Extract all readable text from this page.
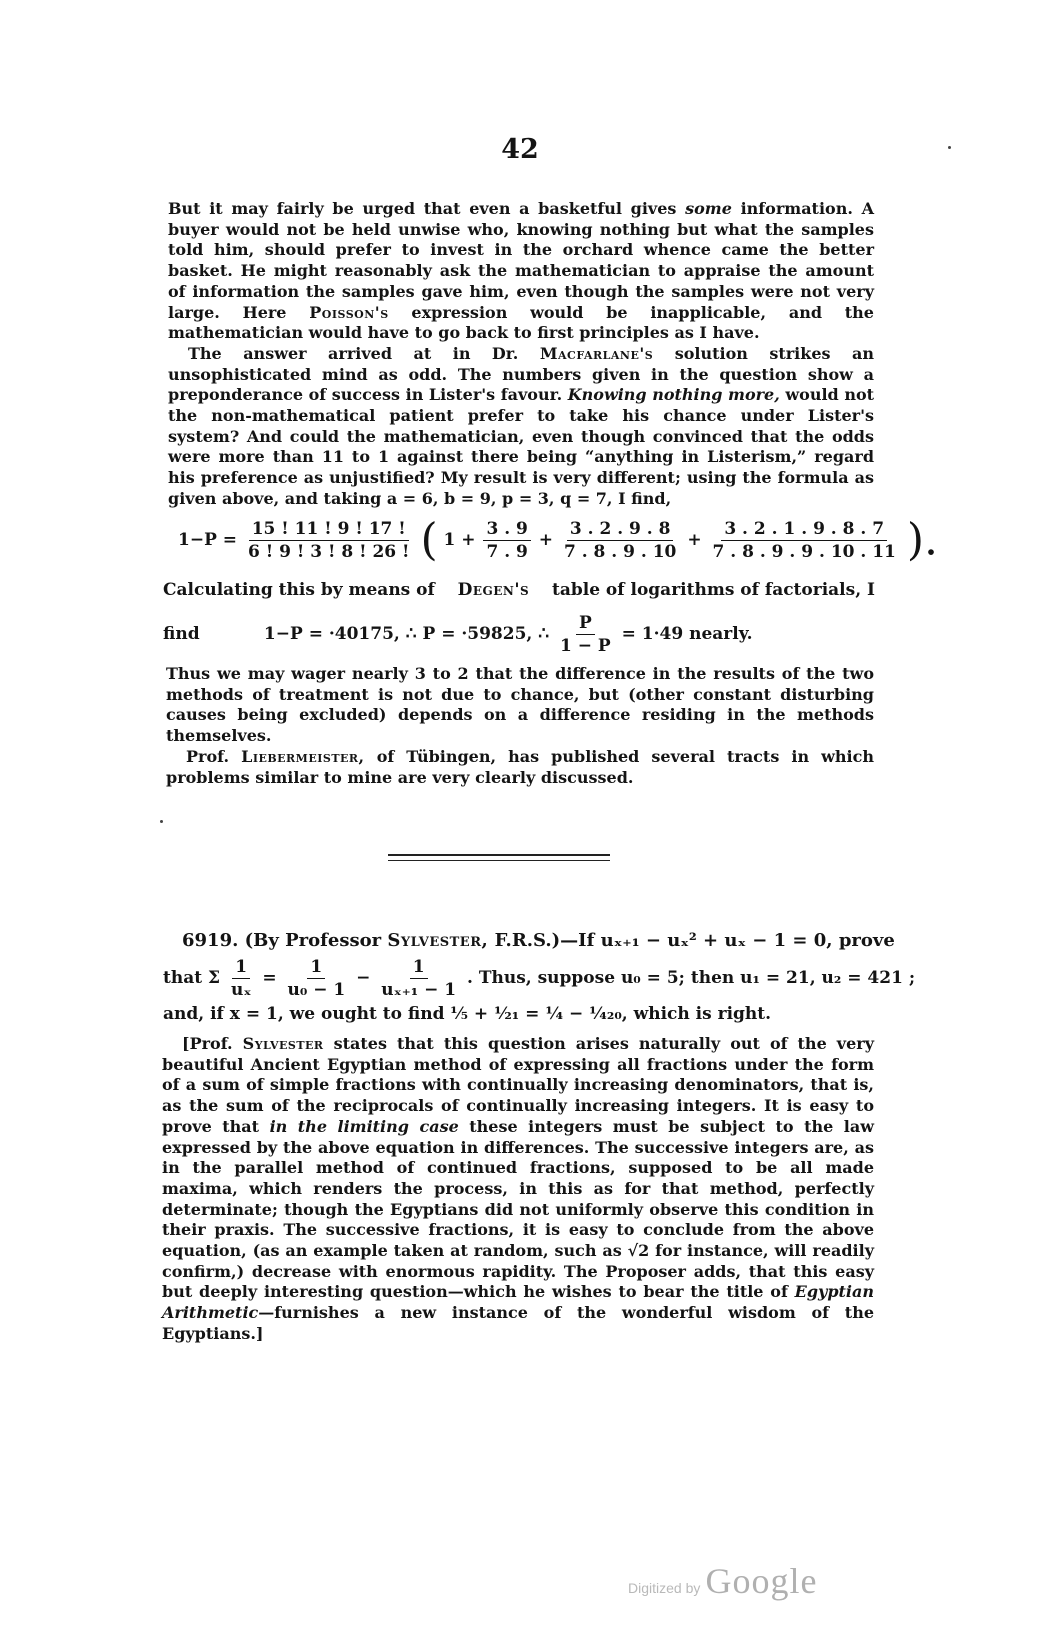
42

But it may fairly be urged that even a basketful gives some information. A buyer would not be held unwise who, knowing nothing but what the samples told him, should prefer to invest in the orchard whence came the better basket. He might reasonably ask the mathematician to appraise the amount of information the samples gave him, even though the samples were not very large. Here Poisson's expression would be inapplicable, and the mathematician would have to go back to first principles as I have.

The answer arrived at in Dr. Macfarlane's solution strikes an unsophisticated mind as odd. The numbers given in the question show a preponderance of success in Lister's favour. Knowing nothing more, would not the non-mathematical patient prefer to take his chance under Lister's system? And could the mathematician, even though convinced that the odds were more than 11 to 1 against there being “anything in Listerism,” regard his preference as unjustified? My result is very different; using the formula as given above, and taking a = 6, b = 9, p = 3, q = 7, I find,

$1-P = \frac{15 ! 11 ! 9 ! 17 !}{6 ! 9 ! 3 ! 8 ! 26 !}$ ( $1 + \frac{3 . 9}{7 . 9} + \frac{3 . 2 . 9 . 8}{7 . 8 . 9 . 10} + \frac{3 . 2 . 1 . 9 . 8 . 7}{7 . 8 . 9 . 9 . 10 . 11}$ ).
Calculating this by means of Degen's table of logarithms of factorials, I
find	1−P = ·40175, ∴ P = ·59825, ∴ $\frac{P}{1 - P} = 1\cdot 49$ nearly.

Thus we may wager nearly 3 to 2 that the difference in the results of the two methods of treatment is not due to chance, but (other constant disturbing causes being excluded) depends on a difference residing in the methods themselves.

Prof. Liebermeister, of Tübingen, has published several tracts in which problems similar to mine are very clearly discussed.

6919. (By Professor Sylvester, F.R.S.)—If uₓ₊₁ − uₓ² + uₓ − 1 = 0, prove
that Σ $\frac{1}{\text{uₓ}} = \frac{1}{\text{u₀ − 1}} - \frac{1}{\text{uₓ₊₁ − 1}}$ . Thus, suppose u₀ = 5; then u₁ = 21, u₂ = 421 ;
and, if x = 1, we ought to find ⅕ + ¹⁄₂₁ = ¼ − ¹⁄₄₂₀, which is right.

[Prof. Sylvester states that this question arises naturally out of the very beautiful Ancient Egyptian method of expressing all fractions under the form of a sum of simple fractions with continually increasing denominators, that is, as the sum of the reciprocals of continually increasing integers. It is easy to prove that in the limiting case these integers must be subject to the law expressed by the above equation in differences. The successive integers are, as in the parallel method of continued fractions, supposed to be all made maxima, which renders the process, in this as for that method, perfectly determinate; though the Egyptians did not uniformly observe this condition in their praxis. The successive fractions, it is easy to conclude from the above equation, (as an example taken at random, such as √2 for instance, will readily confirm,) decrease with enormous rapidity. The Proposer adds, that this easy but deeply interesting question—which he wishes to bear the title of Egyptian Arithmetic—furnishes a new instance of the wonderful wisdom of the Egyptians.]

Digitized by Google
